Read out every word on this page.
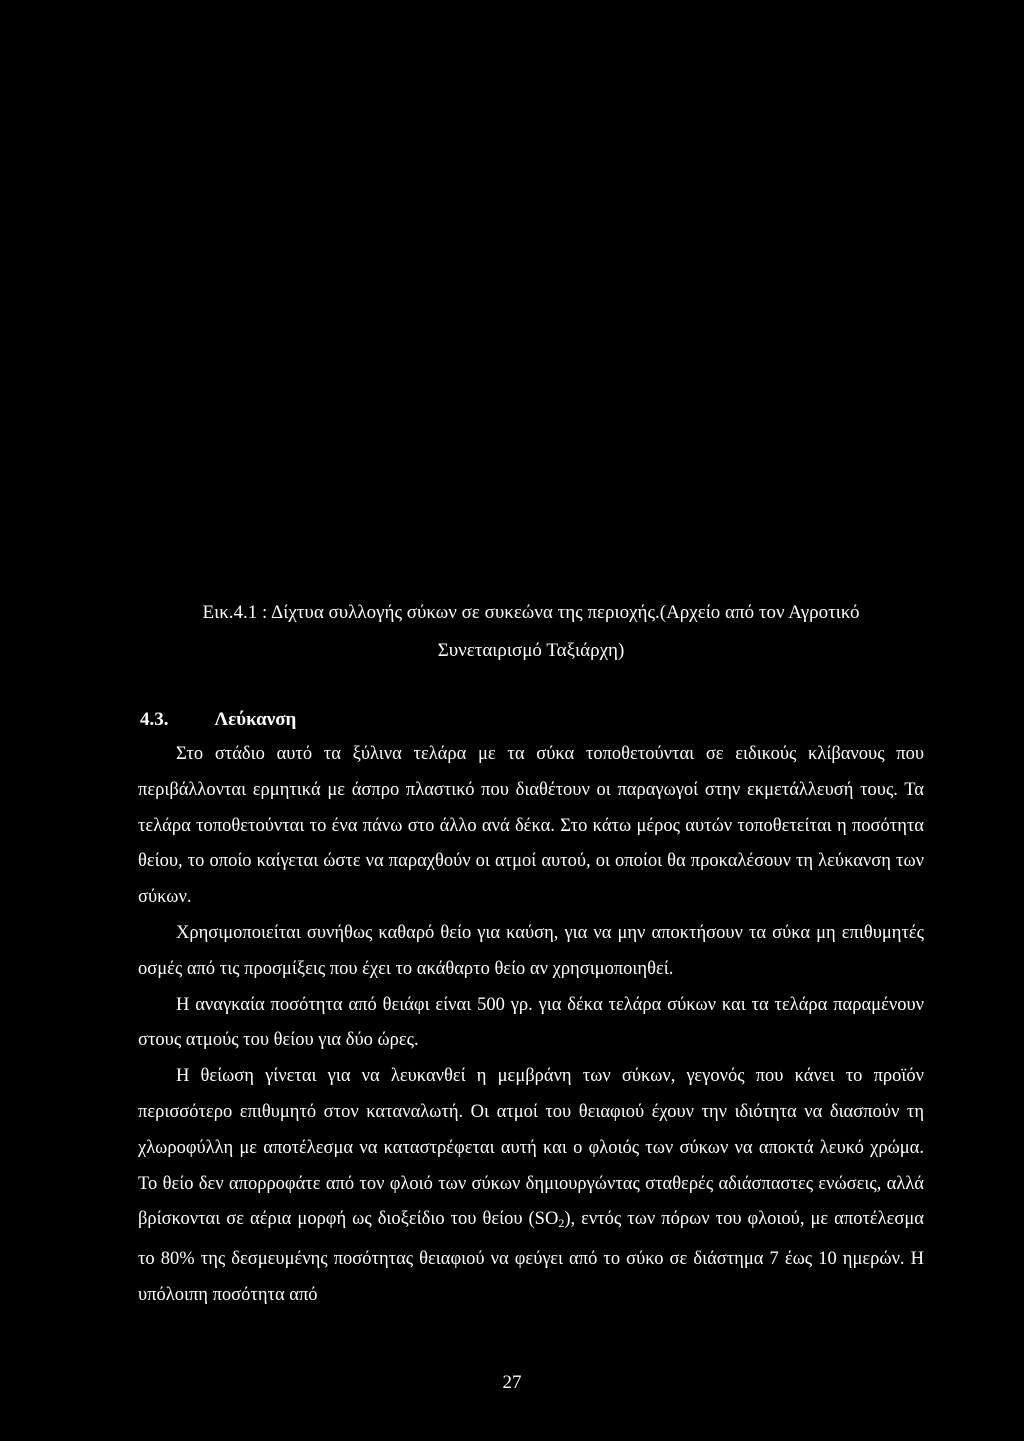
Εικ.4.1 : Δίχτυα συλλογής σύκων σε συκεώνα της περιοχής.(Αρχείο από τον Αγροτικό
Συνεταιρισμό Ταξιάρχη)
4.3. Λεύκανση

Στο στάδιο αυτό τα ξύλινα τελάρα με τα σύκα τοποθετούνται σε ειδικούς κλίβανους που περιβάλλονται ερμητικά με άσπρο πλαστικό που διαθέτουν οι παραγωγοί στην εκμετάλλευσή τους. Τα τελάρα τοποθετούνται το ένα πάνω στο άλλο ανά δέκα. Στο κάτω μέρος αυτών τοποθετείται η ποσότητα θείου, το οποίο καίγεται ώστε να παραχθούν οι ατμοί αυτού, οι οποίοι θα προκαλέσουν τη λεύκανση των σύκων.

Χρησιμοποιείται συνήθως καθαρό θείο για καύση, για να μην αποκτήσουν τα σύκα μη επιθυμητές οσμές από τις προσμίξεις που έχει το ακάθαρτο θείο αν χρησιμοποιηθεί.

Η αναγκαία ποσότητα από θειάφι είναι 500 γρ. για δέκα τελάρα σύκων και τα τελάρα παραμένουν στους ατμούς του θείου για δύο ώρες.

Η θείωση γίνεται για να λευκανθεί η μεμβράνη των σύκων, γεγονός που κάνει το προϊόν περισσότερο επιθυμητό στον καταναλωτή. Οι ατμοί του θειαφιού έχουν την ιδιότητα να διασπούν τη χλωροφύλλη με αποτέλεσμα να καταστρέφεται αυτή και ο φλοιός των σύκων να αποκτά λευκό χρώμα. Το θείο δεν απορροφάτε από τον φλοιό των σύκων δημιουργώντας σταθερές αδιάσπαστες ενώσεις, αλλά βρίσκονται σε αέρια μορφή ως διοξείδιο του θείου $(SO_2)$, εντός των πόρων του φλοιού, με αποτέλεσμα το 80% της δεσμευμένης ποσότητας θειαφιού να φεύγει από το σύκο σε διάστημα 7 έως 10 ημερών. Η υπόλοιπη ποσότητα από

27
